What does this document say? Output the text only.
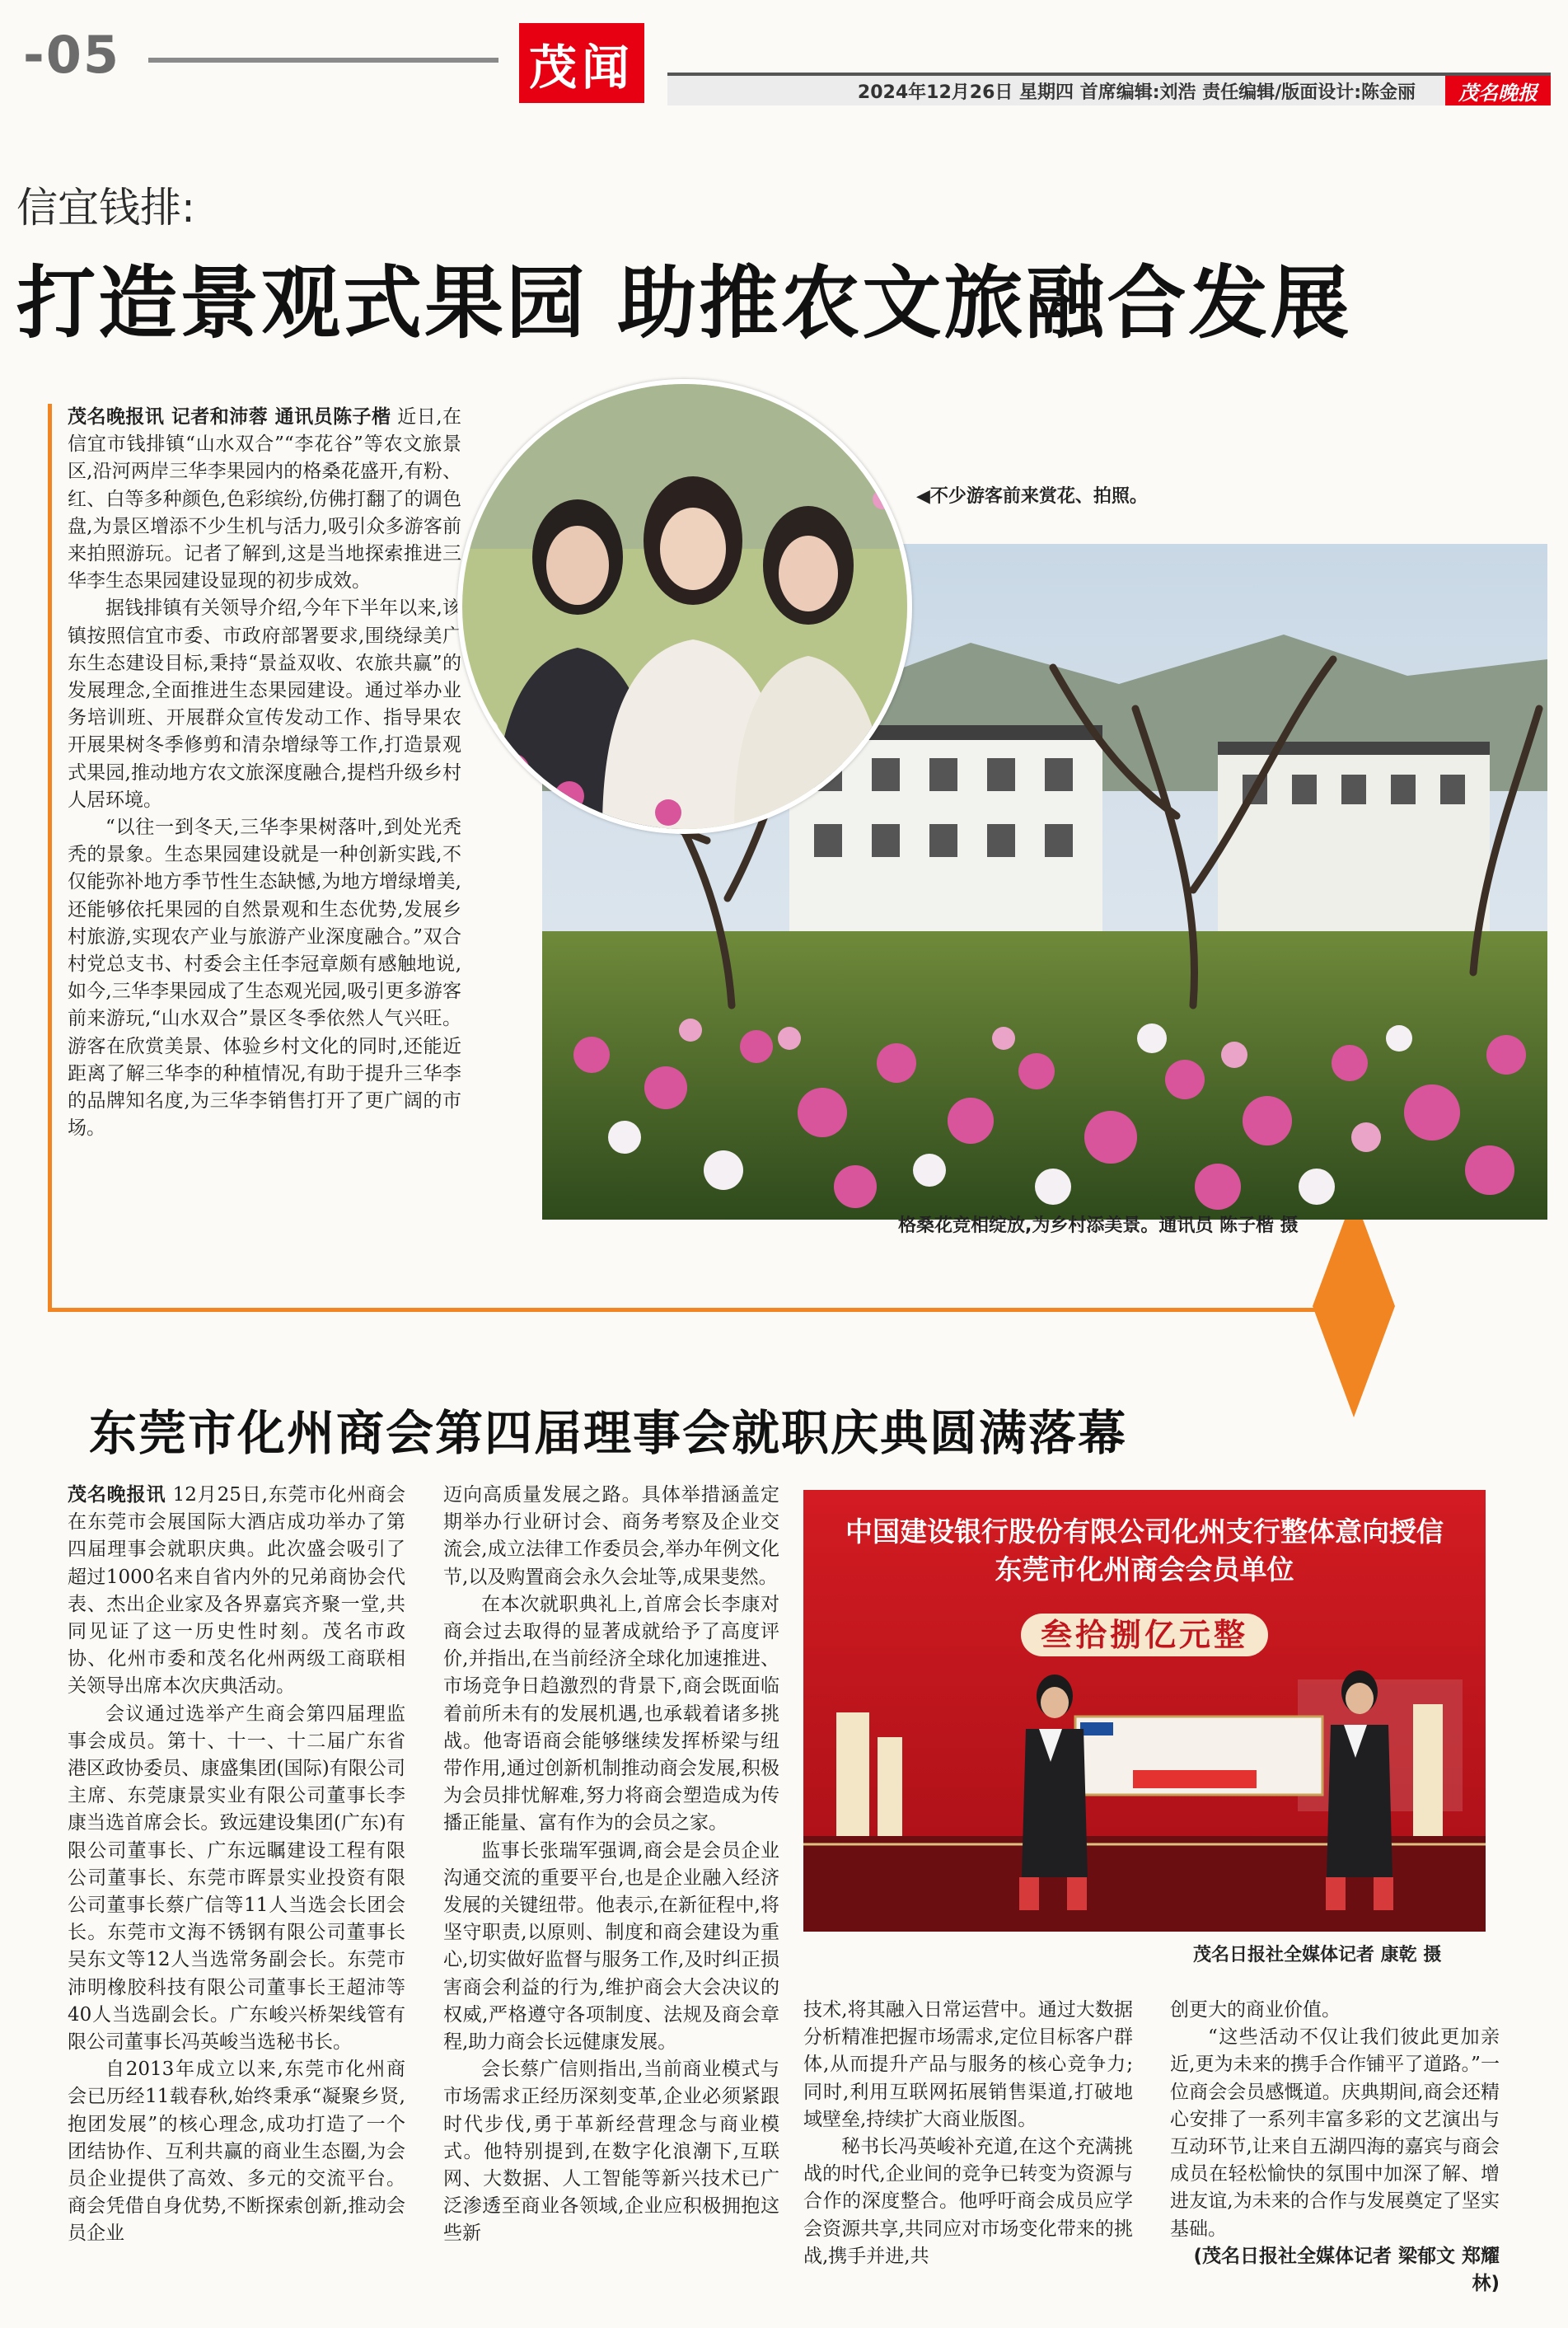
-05	茂闻	2024年12月26日 星期四 首席编辑:刘浩 责任编辑/版面设计:陈金丽	茂名晚报
信宜钱排:
打造景观式果园 助推农文旅融合发展

茂名晚报讯 记者和沛蓉 通讯员陈子楷 近日,在信宜市钱排镇“山水双合”“李花谷”等农文旅景区,沿河两岸三华李果园内的格桑花盛开,有粉、红、白等多种颜色,色彩缤纷,仿佛打翻了的调色盘,为景区增添不少生机与活力,吸引众多游客前来拍照游玩。记者了解到,这是当地探索推进三华李生态果园建设显现的初步成效。

据钱排镇有关领导介绍,今年下半年以来,该镇按照信宜市委、市政府部署要求,围绕绿美广东生态建设目标,秉持“景益双收、农旅共赢”的发展理念,全面推进生态果园建设。通过举办业务培训班、开展群众宣传发动工作、指导果农开展果树冬季修剪和清杂增绿等工作,打造景观式果园,推动地方农文旅深度融合,提档升级乡村人居环境。

“以往一到冬天,三华李果树落叶,到处光秃秃的景象。生态果园建设就是一种创新实践,不仅能弥补地方季节性生态缺憾,为地方增绿增美,还能够依托果园的自然景观和生态优势,发展乡村旅游,实现农产业与旅游产业深度融合。”双合村党总支书、村委会主任李冠章颇有感触地说,如今,三华李果园成了生态观光园,吸引更多游客前来游玩,“山水双合”景区冬季依然人气兴旺。游客在欣赏美景、体验乡村文化的同时,还能近距离了解三华李的种植情况,有助于提升三华李的品牌知名度,为三华李销售打开了更广阔的市场。

◀不少游客前来赏花、拍照。
格桑花竞相绽放,为乡村添美景。通讯员 陈子楷 摄
东莞市化州商会第四届理事会就职庆典圆满落幕

茂名晚报讯 12月25日,东莞市化州商会在东莞市会展国际大酒店成功举办了第四届理事会就职庆典。此次盛会吸引了超过1000名来自省内外的兄弟商协会代表、杰出企业家及各界嘉宾齐聚一堂,共同见证了这一历史性时刻。茂名市政协、化州市委和茂名化州两级工商联相关领导出席本次庆典活动。

会议通过选举产生商会第四届理监事会成员。第十、十一、十二届广东省港区政协委员、康盛集团(国际)有限公司主席、东莞康景实业有限公司董事长李康当选首席会长。致远建设集团(广东)有限公司董事长、广东远瞩建设工程有限公司董事长、东莞市晖景实业投资有限公司董事长蔡广信等11人当选会长团会长。东莞市文海不锈钢有限公司董事长吴东文等12人当选常务副会长。东莞市沛明橡胶科技有限公司董事长王超沛等40人当选副会长。广东峻兴桥架线管有限公司董事长冯英峻当选秘书长。

自2013年成立以来,东莞市化州商会已历经11载春秋,始终秉承“凝聚乡贤,抱团发展”的核心理念,成功打造了一个团结协作、互利共赢的商业生态圈,为会员企业提供了高效、多元的交流平台。商会凭借自身优势,不断探索创新,推动会员企业

迈向高质量发展之路。具体举措涵盖定期举办行业研讨会、商务考察及企业交流会,成立法律工作委员会,举办年例文化节,以及购置商会永久会址等,成果斐然。

在本次就职典礼上,首席会长李康对商会过去取得的显著成就给予了高度评价,并指出,在当前经济全球化加速推进、市场竞争日趋激烈的背景下,商会既面临着前所未有的发展机遇,也承载着诸多挑战。他寄语商会能够继续发挥桥梁与纽带作用,通过创新机制推动商会发展,积极为会员排忧解难,努力将商会塑造成为传播正能量、富有作为的会员之家。

监事长张瑞军强调,商会是会员企业沟通交流的重要平台,也是企业融入经济发展的关键纽带。他表示,在新征程中,将坚守职责,以原则、制度和商会建设为重心,切实做好监督与服务工作,及时纠正损害商会利益的行为,维护商会大会决议的权威,严格遵守各项制度、法规及商会章程,助力商会长远健康发展。

会长蔡广信则指出,当前商业模式与市场需求正经历深刻变革,企业必须紧跟时代步伐,勇于革新经营理念与商业模式。他特别提到,在数字化浪潮下,互联网、大数据、人工智能等新兴技术已广泛渗透至商业各领域,企业应积极拥抱这些新

中国建设银行股份有限公司化州支行整体意向授信
东莞市化州商会会员单位
叁拾捌亿元整
茂名日报社全媒体记者 康乾 摄

技术,将其融入日常运营中。通过大数据分析精准把握市场需求,定位目标客户群体,从而提升产品与服务的核心竞争力;同时,利用互联网拓展销售渠道,打破地域壁垒,持续扩大商业版图。

秘书长冯英峻补充道,在这个充满挑战的时代,企业间的竞争已转变为资源与合作的深度整合。他呼吁商会成员应学会资源共享,共同应对市场变化带来的挑战,携手并进,共

创更大的商业价值。

“这些活动不仅让我们彼此更加亲近,更为未来的携手合作铺平了道路。”一位商会会员感慨道。庆典期间,商会还精心安排了一系列丰富多彩的文艺演出与互动环节,让来自五湖四海的嘉宾与商会成员在轻松愉快的氛围中加深了解、增进友谊,为未来的合作与发展奠定了坚实基础。

(茂名日报社全媒体记者 梁郁文 郑耀林)
